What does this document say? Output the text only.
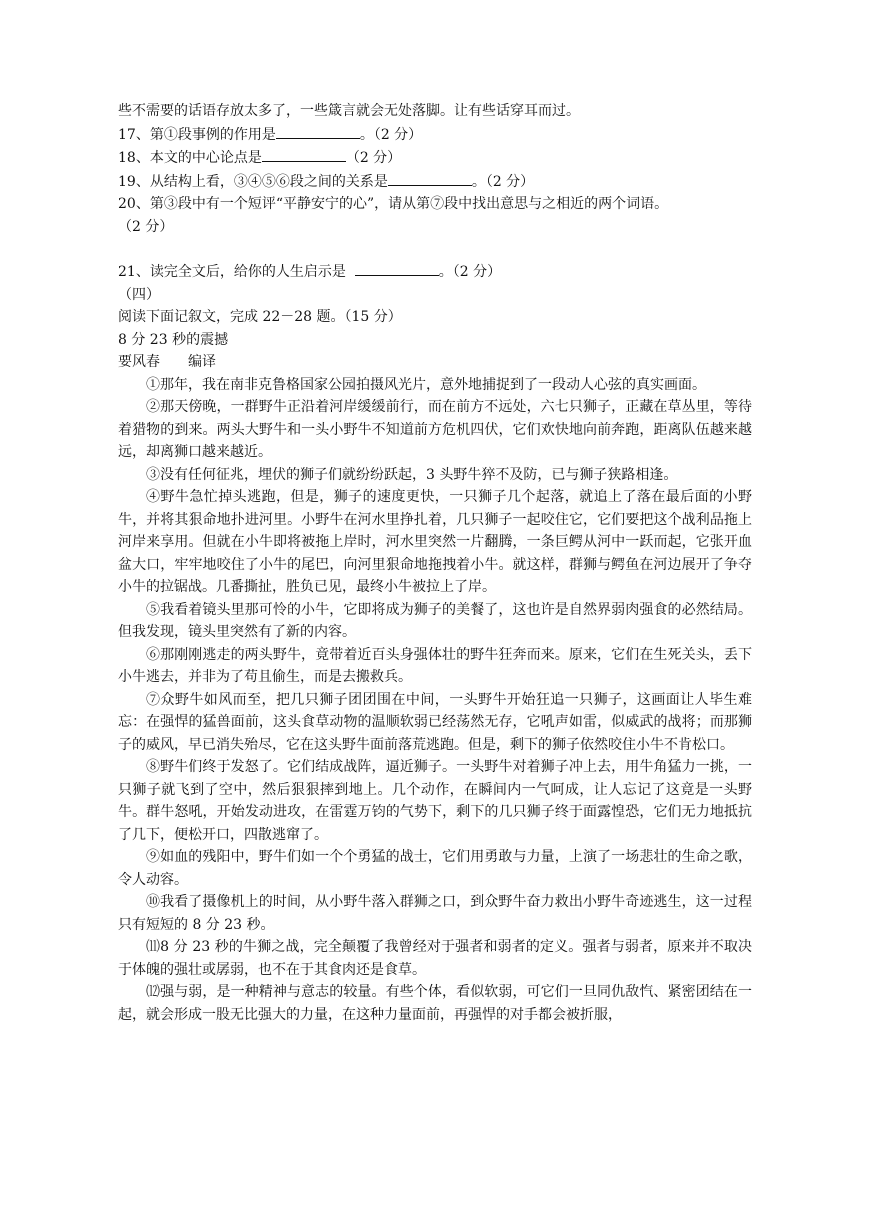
些不需要的话语存放太多了，一些箴言就会无处落脚。让有些话穿耳而过。
17、第①段事例的作用是	。（2 分）
18、本文的中心论点是	（2 分）
19、从结构上看，③④⑤⑥段之间的关系是	。（2 分）
20、第③段中有一个短评“平静安宁的心”，请从第⑦段中找出意思与之相近的两个词语。
（2 分）
21、读完全文后，给你的人生启示是	。（2 分）
（四）
阅读下面记叙文，完成 22－28 题。（15 分）
8 分 23 秒的震撼
要风春 编译

①那年，我在南非克鲁格国家公园拍摄风光片，意外地捕捉到了一段动人心弦的真实画面。

②那天傍晚，一群野牛正沿着河岸缓缓前行，而在前方不远处，六七只狮子，正藏在草丛里，等待着猎物的到来。两头大野牛和一头小野牛不知道前方危机四伏，它们欢快地向前奔跑，距离队伍越来越远，却离狮口越来越近。

③没有任何征兆，埋伏的狮子们就纷纷跃起，3 头野牛猝不及防，已与狮子狭路相逢。

④野牛急忙掉头逃跑，但是，狮子的速度更快，一只狮子几个起落，就追上了落在最后面的小野牛，并将其狠命地扑进河里。小野牛在河水里挣扎着，几只狮子一起咬住它，它们要把这个战利品拖上河岸来享用。但就在小牛即将被拖上岸时，河水里突然一片翻腾，一条巨鳄从河中一跃而起，它张开血盆大口，牢牢地咬住了小牛的尾巴，向河里狠命地拖拽着小牛。就这样，群狮与鳄鱼在河边展开了争夺小牛的拉锯战。几番撕扯，胜负已见，最终小牛被拉上了岸。

⑤我看着镜头里那可怜的小牛，它即将成为狮子的美餐了，这也许是自然界弱肉强食的必然结局。但我发现，镜头里突然有了新的内容。

⑥那刚刚逃走的两头野牛，竟带着近百头身强体壮的野牛狂奔而来。原来，它们在生死关头，丢下小牛逃去，并非为了苟且偷生，而是去搬救兵。

⑦众野牛如风而至，把几只狮子团团围在中间，一头野牛开始狂追一只狮子，这画面让人毕生难忘：在强悍的猛兽面前，这头食草动物的温顺软弱已经荡然无存，它吼声如雷，似威武的战将；而那狮子的威风，早已消失殆尽，它在这头野牛面前落荒逃跑。但是，剩下的狮子依然咬住小牛不肯松口。

⑧野牛们终于发怒了。它们结成战阵，逼近狮子。一头野牛对着狮子冲上去，用牛角猛力一挑，一只狮子就飞到了空中，然后狠狠摔到地上。几个动作，在瞬间内一气呵成，让人忘记了这竟是一头野牛。群牛怒吼，开始发动进攻，在雷霆万钧的气势下，剩下的几只狮子终于面露惶恐，它们无力地抵抗了几下，便松开口，四散逃窜了。

⑨如血的残阳中，野牛们如一个个勇猛的战士，它们用勇敢与力量，上演了一场悲壮的生命之歌，令人动容。

⑩我看了摄像机上的时间，从小野牛落入群狮之口，到众野牛奋力救出小野牛奇迹逃生，这一过程只有短短的 8 分 23 秒。

⑾8 分 23 秒的牛狮之战，完全颠覆了我曾经对于强者和弱者的定义。强者与弱者，原来并不取决于体魄的强壮或孱弱，也不在于其食肉还是食草。

⑿强与弱，是一种精神与意志的较量。有些个体，看似软弱，可它们一旦同仇敌忾、紧密团结在一起，就会形成一股无比强大的力量，在这种力量面前，再强悍的对手都会被折服，
